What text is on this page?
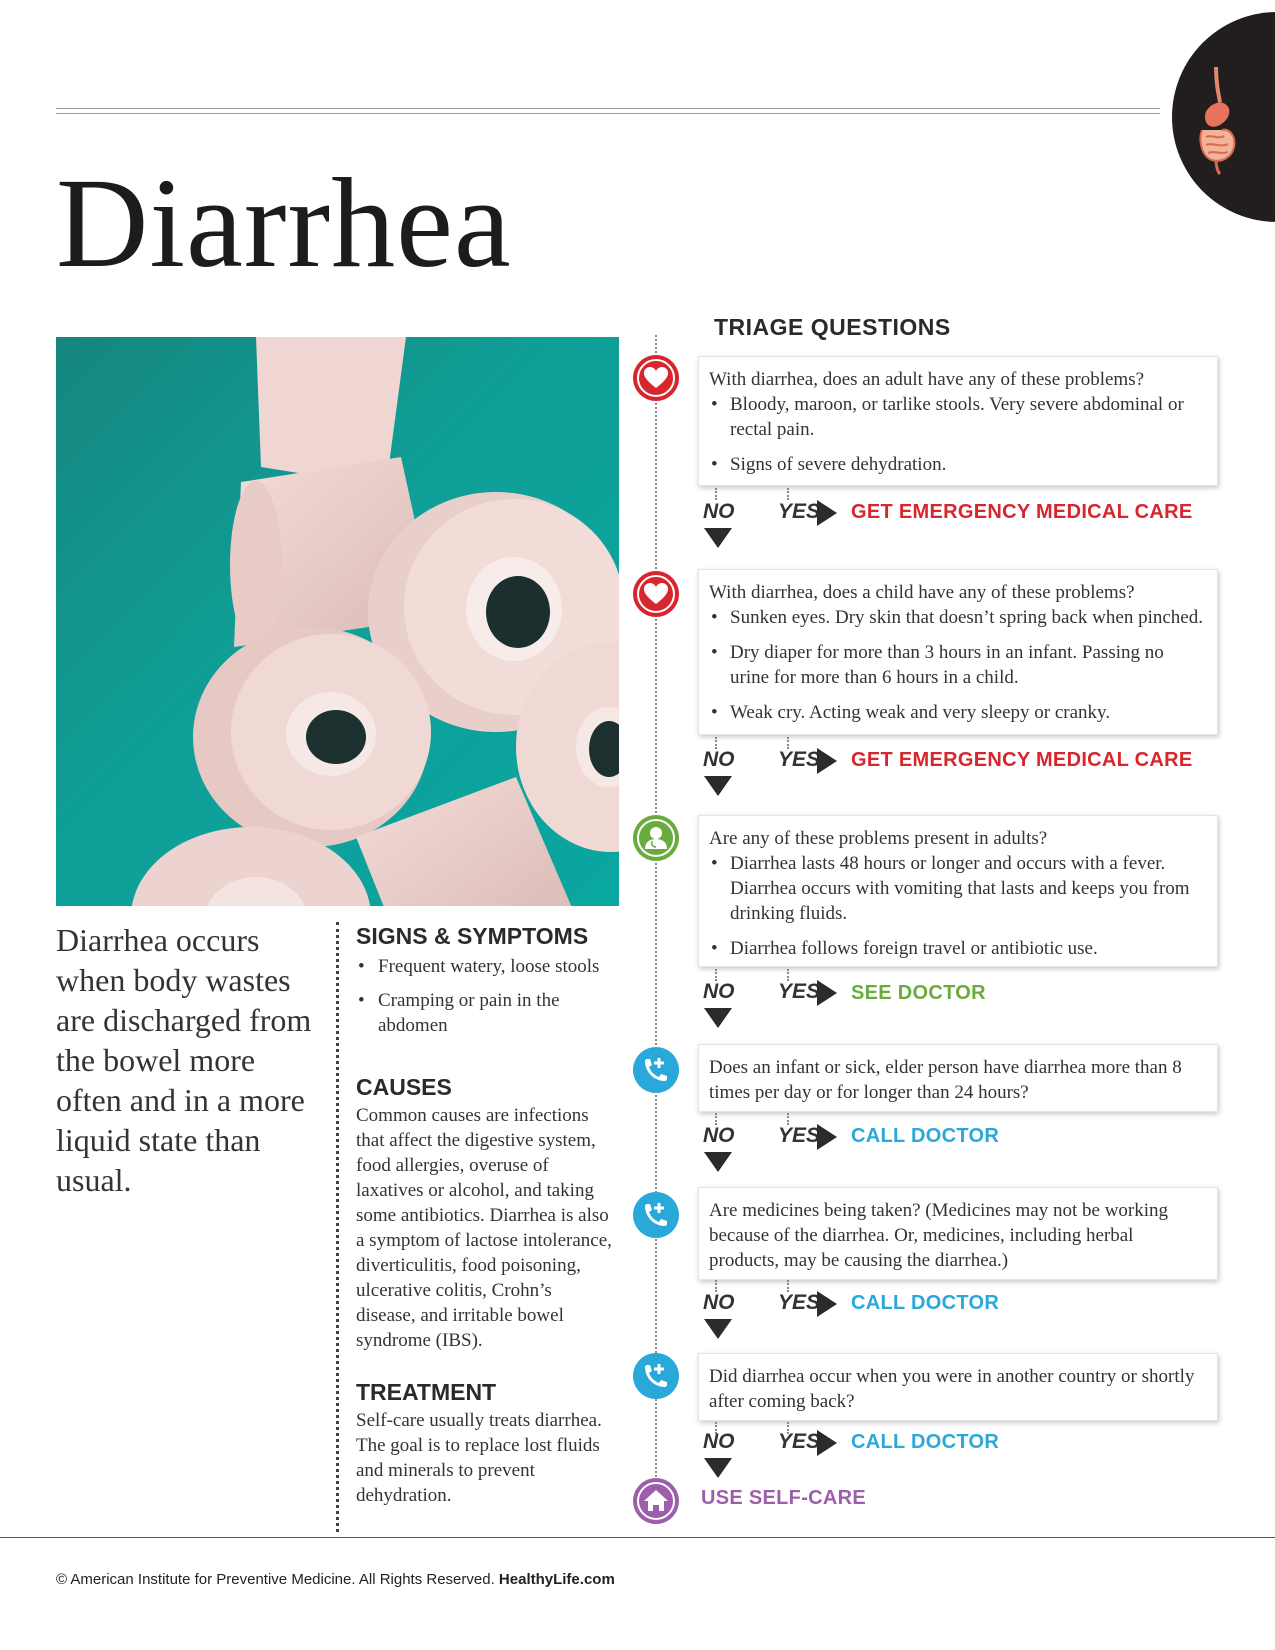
Diarrhea
Diarrhea occurs when body wastes are discharged from the bowel more often and in a more liquid state than usual.
SIGNS & SYMPTOMS
• Frequent watery, loose stools
• Cramping or pain in the abdomen
CAUSES
Common causes are infections that affect the digestive system, food allergies, overuse of laxatives or alcohol, and taking some antibiotics. Diarrhea is also a symptom of lactose intolerance, diverticulitis, food poisoning, ulcerative colitis, Crohn’s disease, and irritable bowel syndrome (IBS).
TREATMENT
Self-care usually treats diarrhea. The goal is to replace lost fluids and minerals to prevent dehydration.
TRIAGE QUESTIONS
With diarrhea, does an adult have any of these problems?
• Bloody, maroon, or tarlike stools. Very severe abdominal or rectal pain.
• Signs of severe dehydration.
NO YES GET EMERGENCY MEDICAL CARE
With diarrhea, does a child have any of these problems?
• Sunken eyes. Dry skin that doesn’t spring back when pinched.
• Dry diaper for more than 3 hours in an infant. Passing no urine for more than 6 hours in a child.
• Weak cry. Acting weak and very sleepy or cranky.
NO YES GET EMERGENCY MEDICAL CARE
Are any of these problems present in adults?
• Diarrhea lasts 48 hours or longer and occurs with a fever. Diarrhea occurs with vomiting that lasts and keeps you from drinking fluids.
• Diarrhea follows foreign travel or antibiotic use.
NO YES SEE DOCTOR
Does an infant or sick, elder person have diarrhea more than 8 times per day or for longer than 24 hours?
NO YES CALL DOCTOR
Are medicines being taken? (Medicines may not be working because of the diarrhea. Or, medicines, including herbal products, may be causing the diarrhea.)
NO YES CALL DOCTOR
Did diarrhea occur when you were in another country or shortly after coming back?
NO YES CALL DOCTOR
USE SELF-CARE
© American Institute for Preventive Medicine. All Rights Reserved. HealthyLife.com
